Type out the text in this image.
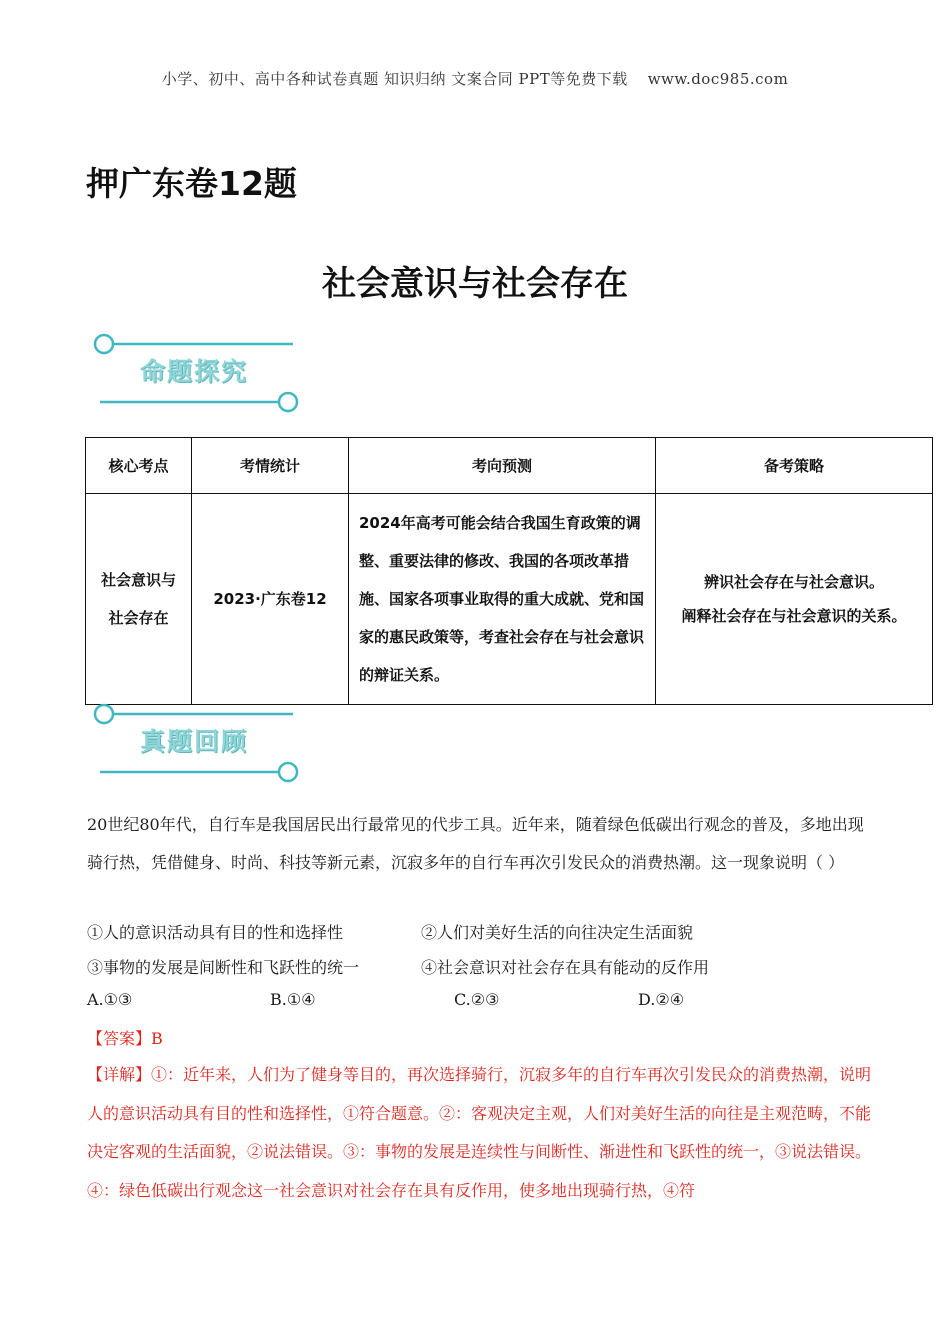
小学、初中、高中各种试卷真题 知识归纳 文案合同 PPT等免费下载 www.doc985.com
押广东卷12题
社会意识与社会存在
命题探究
核心考点	考情统计	考向预测	备考策略
社会意识与社会存在	2023·广东卷12	2024年高考可能会结合我国生育政策的调整、重要法律的修改、我国的各项改革措施、国家各项事业取得的重大成就、党和国家的惠民政策等，考查社会存在与社会意识的辩证关系。	辨识社会存在与社会意识。
阐释社会存在与社会意识的关系。
真题回顾
20世纪80年代，自行车是我国居民出行最常见的代步工具。近年来，随着绿色低碳出行观念的普及，多地出现骑行热，凭借健身、时尚、科技等新元素，沉寂多年的自行车再次引发民众的消费热潮。这一现象说明（ ）
①人的意识活动具有目的性和选择性	②人们对美好生活的向往决定生活面貌
③事物的发展是间断性和飞跃性的统一	④社会意识对社会存在具有能动的反作用
A.①③	B.①④	C.②③	D.②④
【答案】B
【详解】①：近年来，人们为了健身等目的，再次选择骑行，沉寂多年的自行车再次引发民众的消费热潮，说明人的意识活动具有目的性和选择性，①符合题意。②：客观决定主观，人们对美好生活的向往是主观范畴，不能决定客观的生活面貌，②说法错误。③：事物的发展是连续性与间断性、渐进性和飞跃性的统一，③说法错误。④：绿色低碳出行观念这一社会意识对社会存在具有反作用，使多地出现骑行热，④符
